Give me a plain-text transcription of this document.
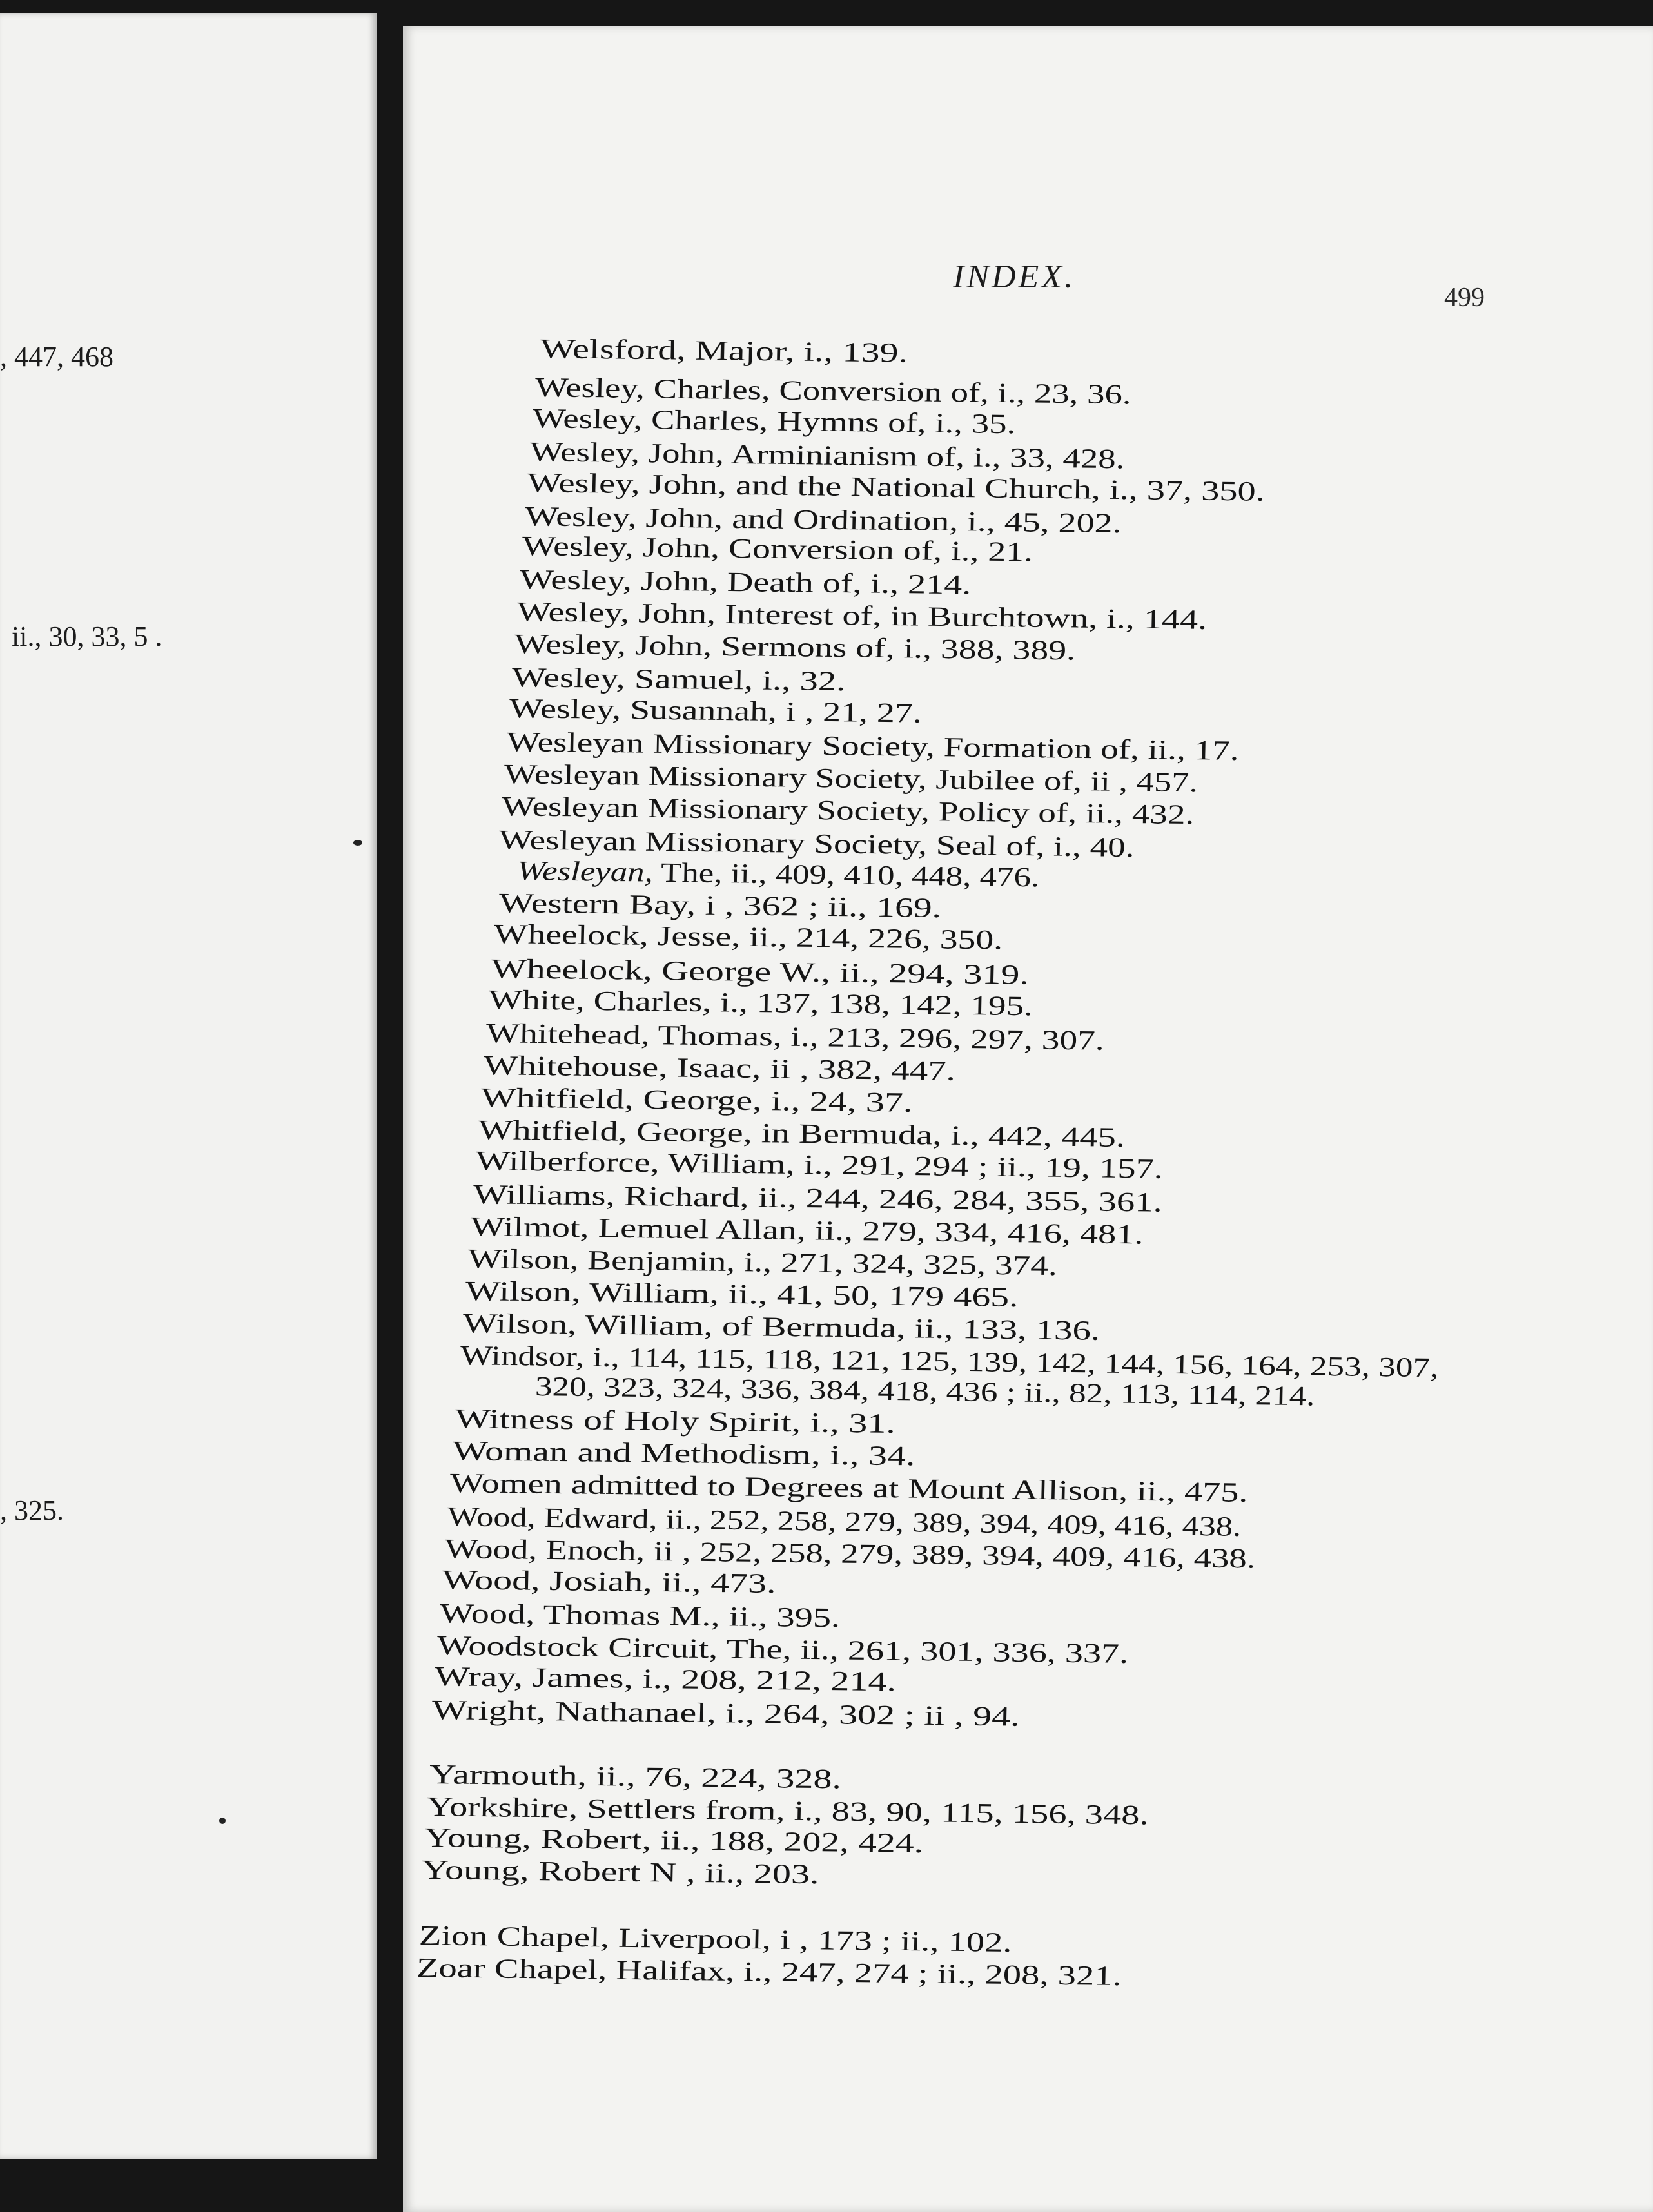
, 447, 468
ii., 30, 33, 5 .
, 325.
INDEX.
499
Welsford, Major, i., 139.
Wesley, Charles, Conversion of, i., 23, 36.
Wesley, Charles, Hymns of, i., 35.
Wesley, John, Arminianism of, i., 33, 428.
Wesley, John, and the National Church, i., 37, 350.
Wesley, John, and Ordination, i., 45, 202.
Wesley, John, Conversion of, i., 21.
Wesley, John, Death of, i., 214.
Wesley, John, Interest of, in Burchtown, i., 144.
Wesley, John, Sermons of, i., 388, 389.
Wesley, Samuel, i., 32.
Wesley, Susannah, i , 21, 27.
Wesleyan Missionary Society, Formation of, ii., 17.
Wesleyan Missionary Society, Jubilee of, ii , 457.
Wesleyan Missionary Society, Policy of, ii., 432.
Wesleyan Missionary Society, Seal of, i., 40.
Wesleyan, The, ii., 409, 410, 448, 476.
Western Bay, i , 362 ; ii., 169.
Wheelock, Jesse, ii., 214, 226, 350.
Wheelock, George W., ii., 294, 319.
White, Charles, i., 137, 138, 142, 195.
Whitehead, Thomas, i., 213, 296, 297, 307.
Whitehouse, Isaac, ii , 382, 447.
Whitfield, George, i., 24, 37.
Whitfield, George, in Bermuda, i., 442, 445.
Wilberforce, William, i., 291, 294 ; ii., 19, 157.
Williams, Richard, ii., 244, 246, 284, 355, 361.
Wilmot, Lemuel Allan, ii., 279, 334, 416, 481.
Wilson, Benjamin, i., 271, 324, 325, 374.
Wilson, William, ii., 41, 50, 179 465.
Wilson, William, of Bermuda, ii., 133, 136.
Windsor, i., 114, 115, 118, 121, 125, 139, 142, 144, 156, 164, 253, 307,
320, 323, 324, 336, 384, 418, 436 ; ii., 82, 113, 114, 214.
Witness of Holy Spirit, i., 31.
Woman and Methodism, i., 34.
Women admitted to Degrees at Mount Allison, ii., 475.
Wood, Edward, ii., 252, 258, 279, 389, 394, 409, 416, 438.
Wood, Enoch, ii , 252, 258, 279, 389, 394, 409, 416, 438.
Wood, Josiah, ii., 473.
Wood, Thomas M., ii., 395.
Woodstock Circuit, The, ii., 261, 301, 336, 337.
Wray, James, i., 208, 212, 214.
Wright, Nathanael, i., 264, 302 ; ii , 94.
Yarmouth, ii., 76, 224, 328.
Yorkshire, Settlers from, i., 83, 90, 115, 156, 348.
Young, Robert, ii., 188, 202, 424.
Young, Robert N , ii., 203.
Zion Chapel, Liverpool, i , 173 ; ii., 102.
Zoar Chapel, Halifax, i., 247, 274 ; ii., 208, 321.
